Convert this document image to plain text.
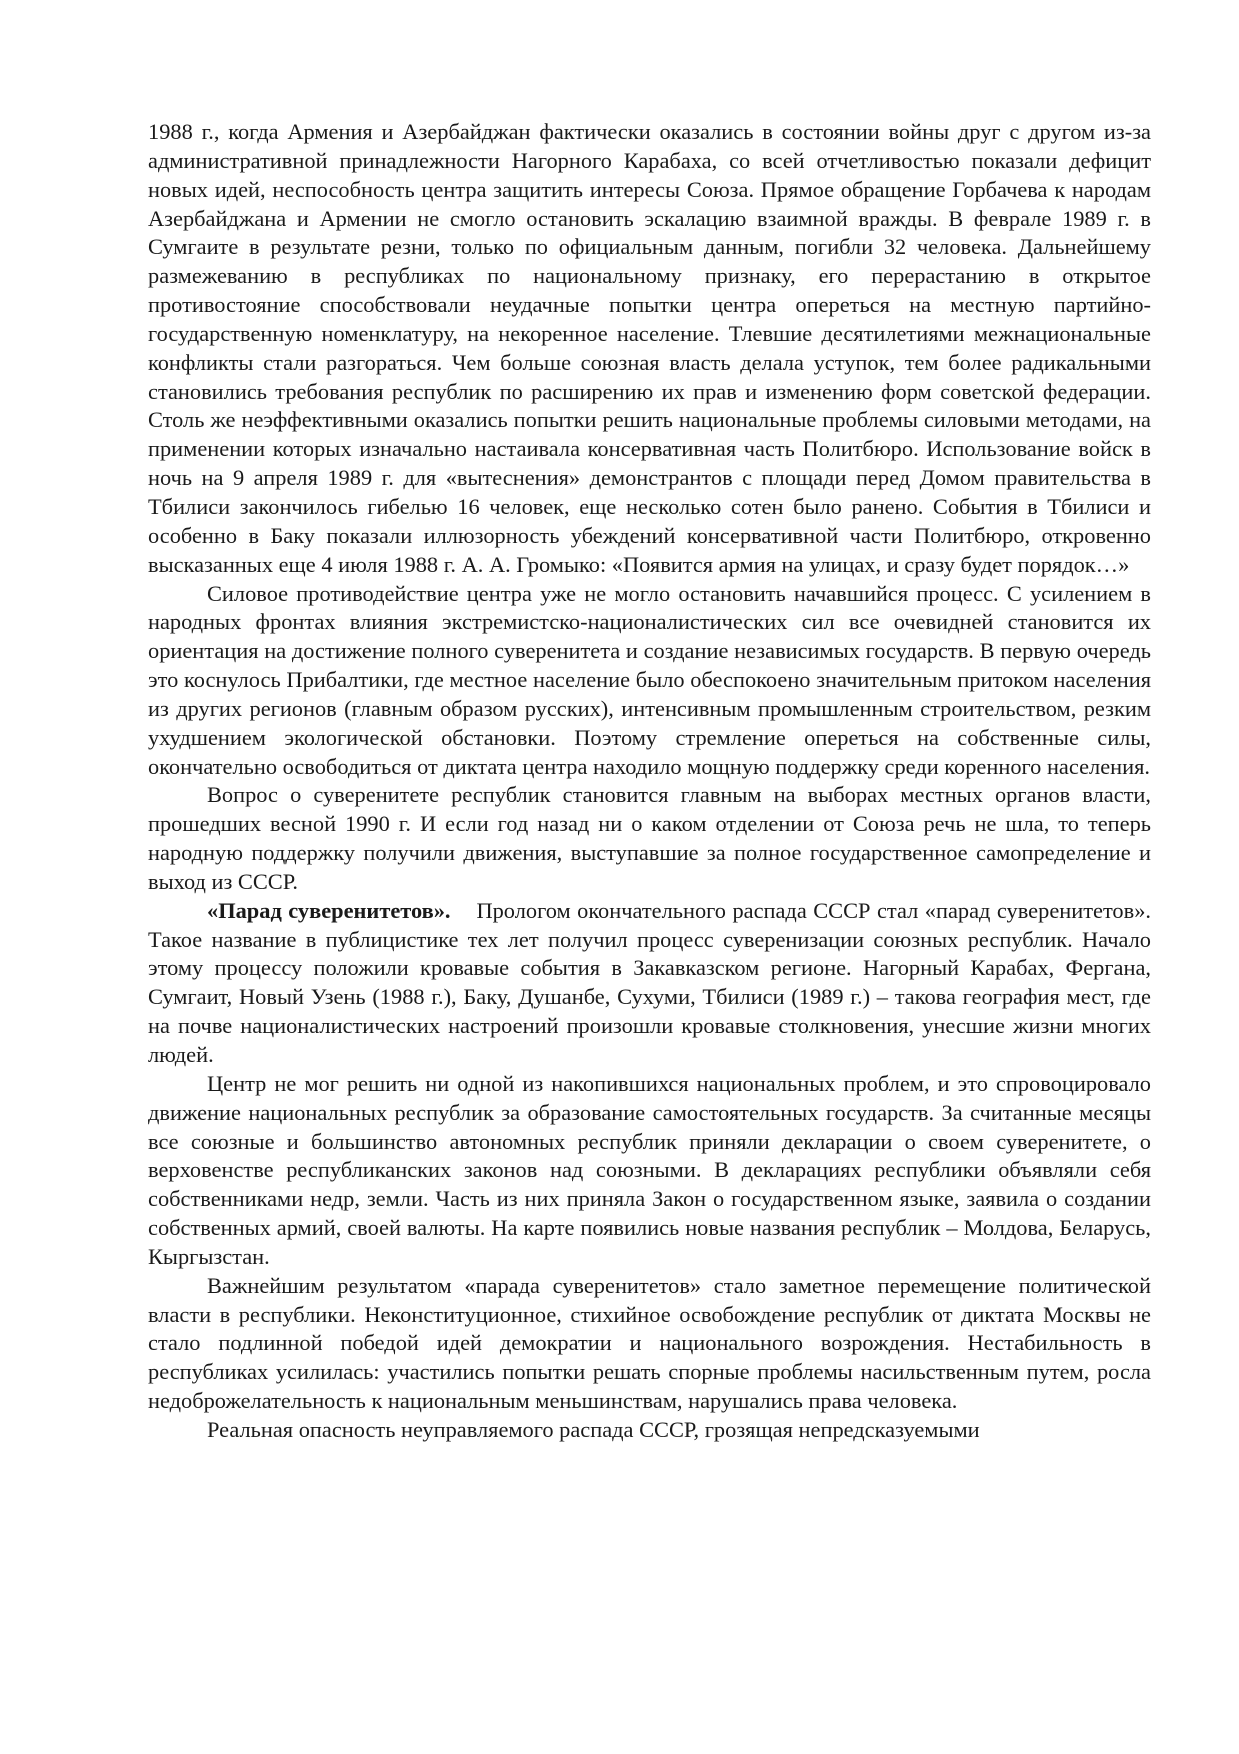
1988 г., когда Армения и Азербайджан фактически оказались в состоянии войны друг с другом из-за административной принадлежности Нагорного Карабаха, со всей отчетливостью показали дефицит новых идей, неспособность центра защитить интересы Союза. Прямое обращение Горбачева к народам Азербайджана и Армении не смогло остановить эскалацию взаимной вражды. В феврале 1989 г. в Сумгаите в результате резни, только по официальным данным, погибли 32 человека. Дальнейшему размежеванию в республиках по национальному признаку, его перерастанию в открытое противостояние способствовали неудачные попытки центра опереться на местную партийно-государственную номенклатуру, на некоренное население. Тлевшие десятилетиями межнациональные конфликты стали разгораться. Чем больше союзная власть делала уступок, тем более радикальными становились требования республик по расширению их прав и изменению форм советской федерации. Столь же неэффективными оказались попытки решить национальные проблемы силовыми методами, на применении которых изначально настаивала консервативная часть Политбюро. Использование войск в ночь на 9 апреля 1989 г. для «вытеснения» демонстрантов с площади перед Домом правительства в Тбилиси закончилось гибелью 16 человек, еще несколько сотен было ранено. События в Тбилиси и особенно в Баку показали иллюзорность убеждений консервативной части Политбюро, откровенно высказанных еще 4 июля 1988 г. А. А. Громыко: «Появится армия на улицах, и сразу будет порядок…»

Силовое противодействие центра уже не могло остановить начавшийся процесс. С усилением в народных фронтах влияния экстремистско-националистических сил все очевидней становится их ориентация на достижение полного суверенитета и создание независимых государств. В первую очередь это коснулось Прибалтики, где местное население было обеспокоено значительным притоком населения из других регионов (главным образом русских), интенсивным промышленным строительством, резким ухудшением экологической обстановки. Поэтому стремление опереться на собственные силы, окончательно освободиться от диктата центра находило мощную поддержку среди коренного населения.

Вопрос о суверенитете республик становится главным на выборах местных органов власти, прошедших весной 1990 г. И если год назад ни о каком отделении от Союза речь не шла, то теперь народную поддержку получили движения, выступавшие за полное государственное самопределение и выход из СССР.

«Парад суверенитетов». Прологом окончательного распада СССР стал «парад суверенитетов». Такое название в публицистике тех лет получил процесс суверенизации союзных республик. Начало этому процессу положили кровавые события в Закавказском регионе. Нагорный Карабах, Фергана, Сумгаит, Новый Узень (1988 г.), Баку, Душанбе, Сухуми, Тбилиси (1989 г.) – такова география мест, где на почве националистических настроений произошли кровавые столкновения, унесшие жизни многих людей.

Центр не мог решить ни одной из накопившихся национальных проблем, и это спровоцировало движение национальных республик за образование самостоятельных государств. За считанные месяцы все союзные и большинство автономных республик приняли декларации о своем суверенитете, о верховенстве республиканских законов над союзными. В декларациях республики объявляли себя собственниками недр, земли. Часть из них приняла Закон о государственном языке, заявила о создании собственных армий, своей валюты. На карте появились новые названия республик – Молдова, Беларусь, Кыргызстан.

Важнейшим результатом «парада суверенитетов» стало заметное перемещение политической власти в республики. Неконституционное, стихийное освобождение республик от диктата Москвы не стало подлинной победой идей демократии и национального возрождения. Нестабильность в республиках усилилась: участились попытки решать спорные проблемы насильственным путем, росла недоброжелательность к национальным меньшинствам, нарушались права человека.

Реальная опасность неуправляемого распада СССР, грозящая непредсказуемыми
